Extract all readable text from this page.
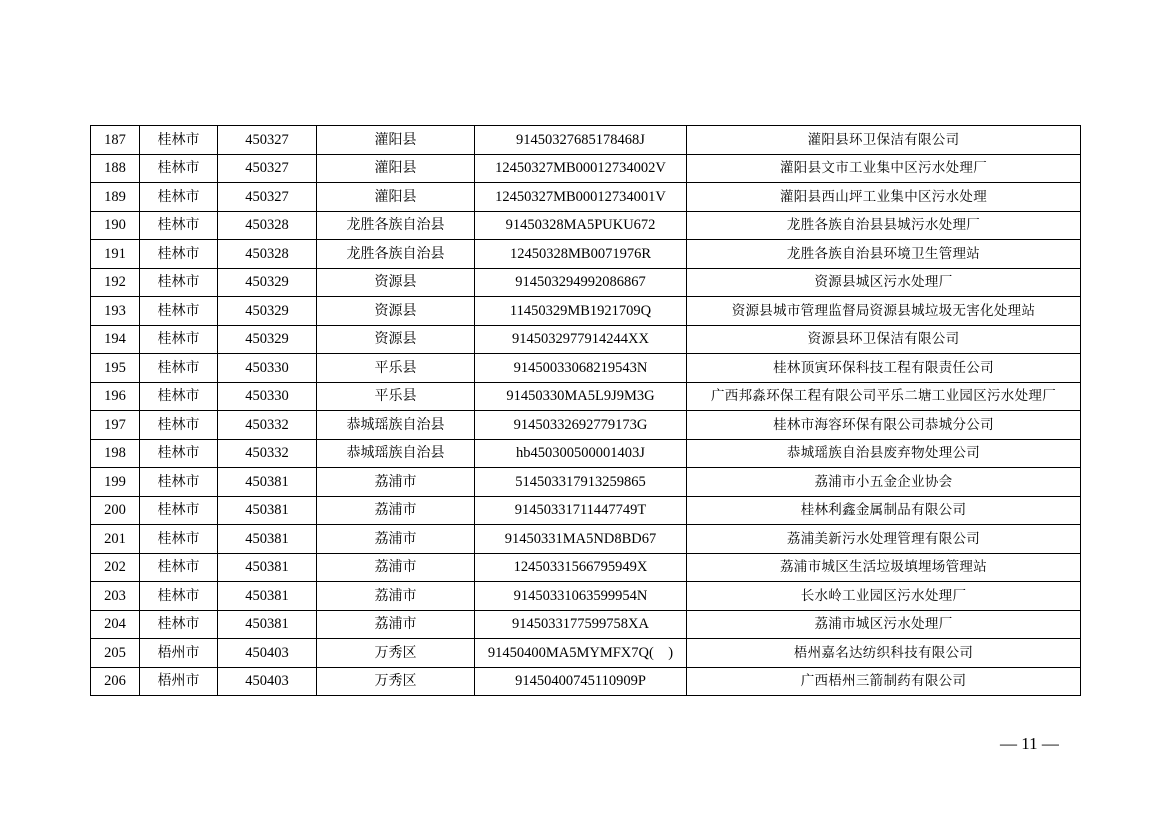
187	桂林市	450327	灌阳县	91450327685178468J	灌阳县环卫保洁有限公司
188	桂林市	450327	灌阳县	12450327MB00012734002V	灌阳县文市工业集中区污水处理厂
189	桂林市	450327	灌阳县	12450327MB00012734001V	灌阳县西山坪工业集中区污水处理
190	桂林市	450328	龙胜各族自治县	91450328MA5PUKU672	龙胜各族自治县县城污水处理厂
191	桂林市	450328	龙胜各族自治县	12450328MB0071976R	龙胜各族自治县环境卫生管理站
192	桂林市	450329	资源县	914503294992086867	资源县城区污水处理厂
193	桂林市	450329	资源县	11450329MB1921709Q	资源县城市管理监督局资源县城垃圾无害化处理站
194	桂林市	450329	资源县	9145032977914244XX	资源县环卫保洁有限公司
195	桂林市	450330	平乐县	91450033068219543N	桂林顶寅环保科技工程有限责任公司
196	桂林市	450330	平乐县	91450330MA5L9J9M3G	广西邦淼环保工程有限公司平乐二塘工业园区污水处理厂
197	桂林市	450332	恭城瑶族自治县	91450332692779173G	桂林市海容环保有限公司恭城分公司
198	桂林市	450332	恭城瑶族自治县	hb450300500001403J	恭城瑶族自治县废弃物处理公司
199	桂林市	450381	荔浦市	514503317913259865	荔浦市小五金企业协会
200	桂林市	450381	荔浦市	91450331711447749T	桂林利鑫金属制品有限公司
201	桂林市	450381	荔浦市	91450331MA5ND8BD67	荔浦美新污水处理管理有限公司
202	桂林市	450381	荔浦市	12450331566795949X	荔浦市城区生活垃圾填埋场管理站
203	桂林市	450381	荔浦市	91450331063599954N	长水岭工业园区污水处理厂
204	桂林市	450381	荔浦市	9145033177599758XA	荔浦市城区污水处理厂
205	梧州市	450403	万秀区	91450400MA5MYMFX7Q(　)	梧州嘉名达纺织科技有限公司
206	梧州市	450403	万秀区	91450400745110909P	广西梧州三箭制药有限公司
— 11 —
